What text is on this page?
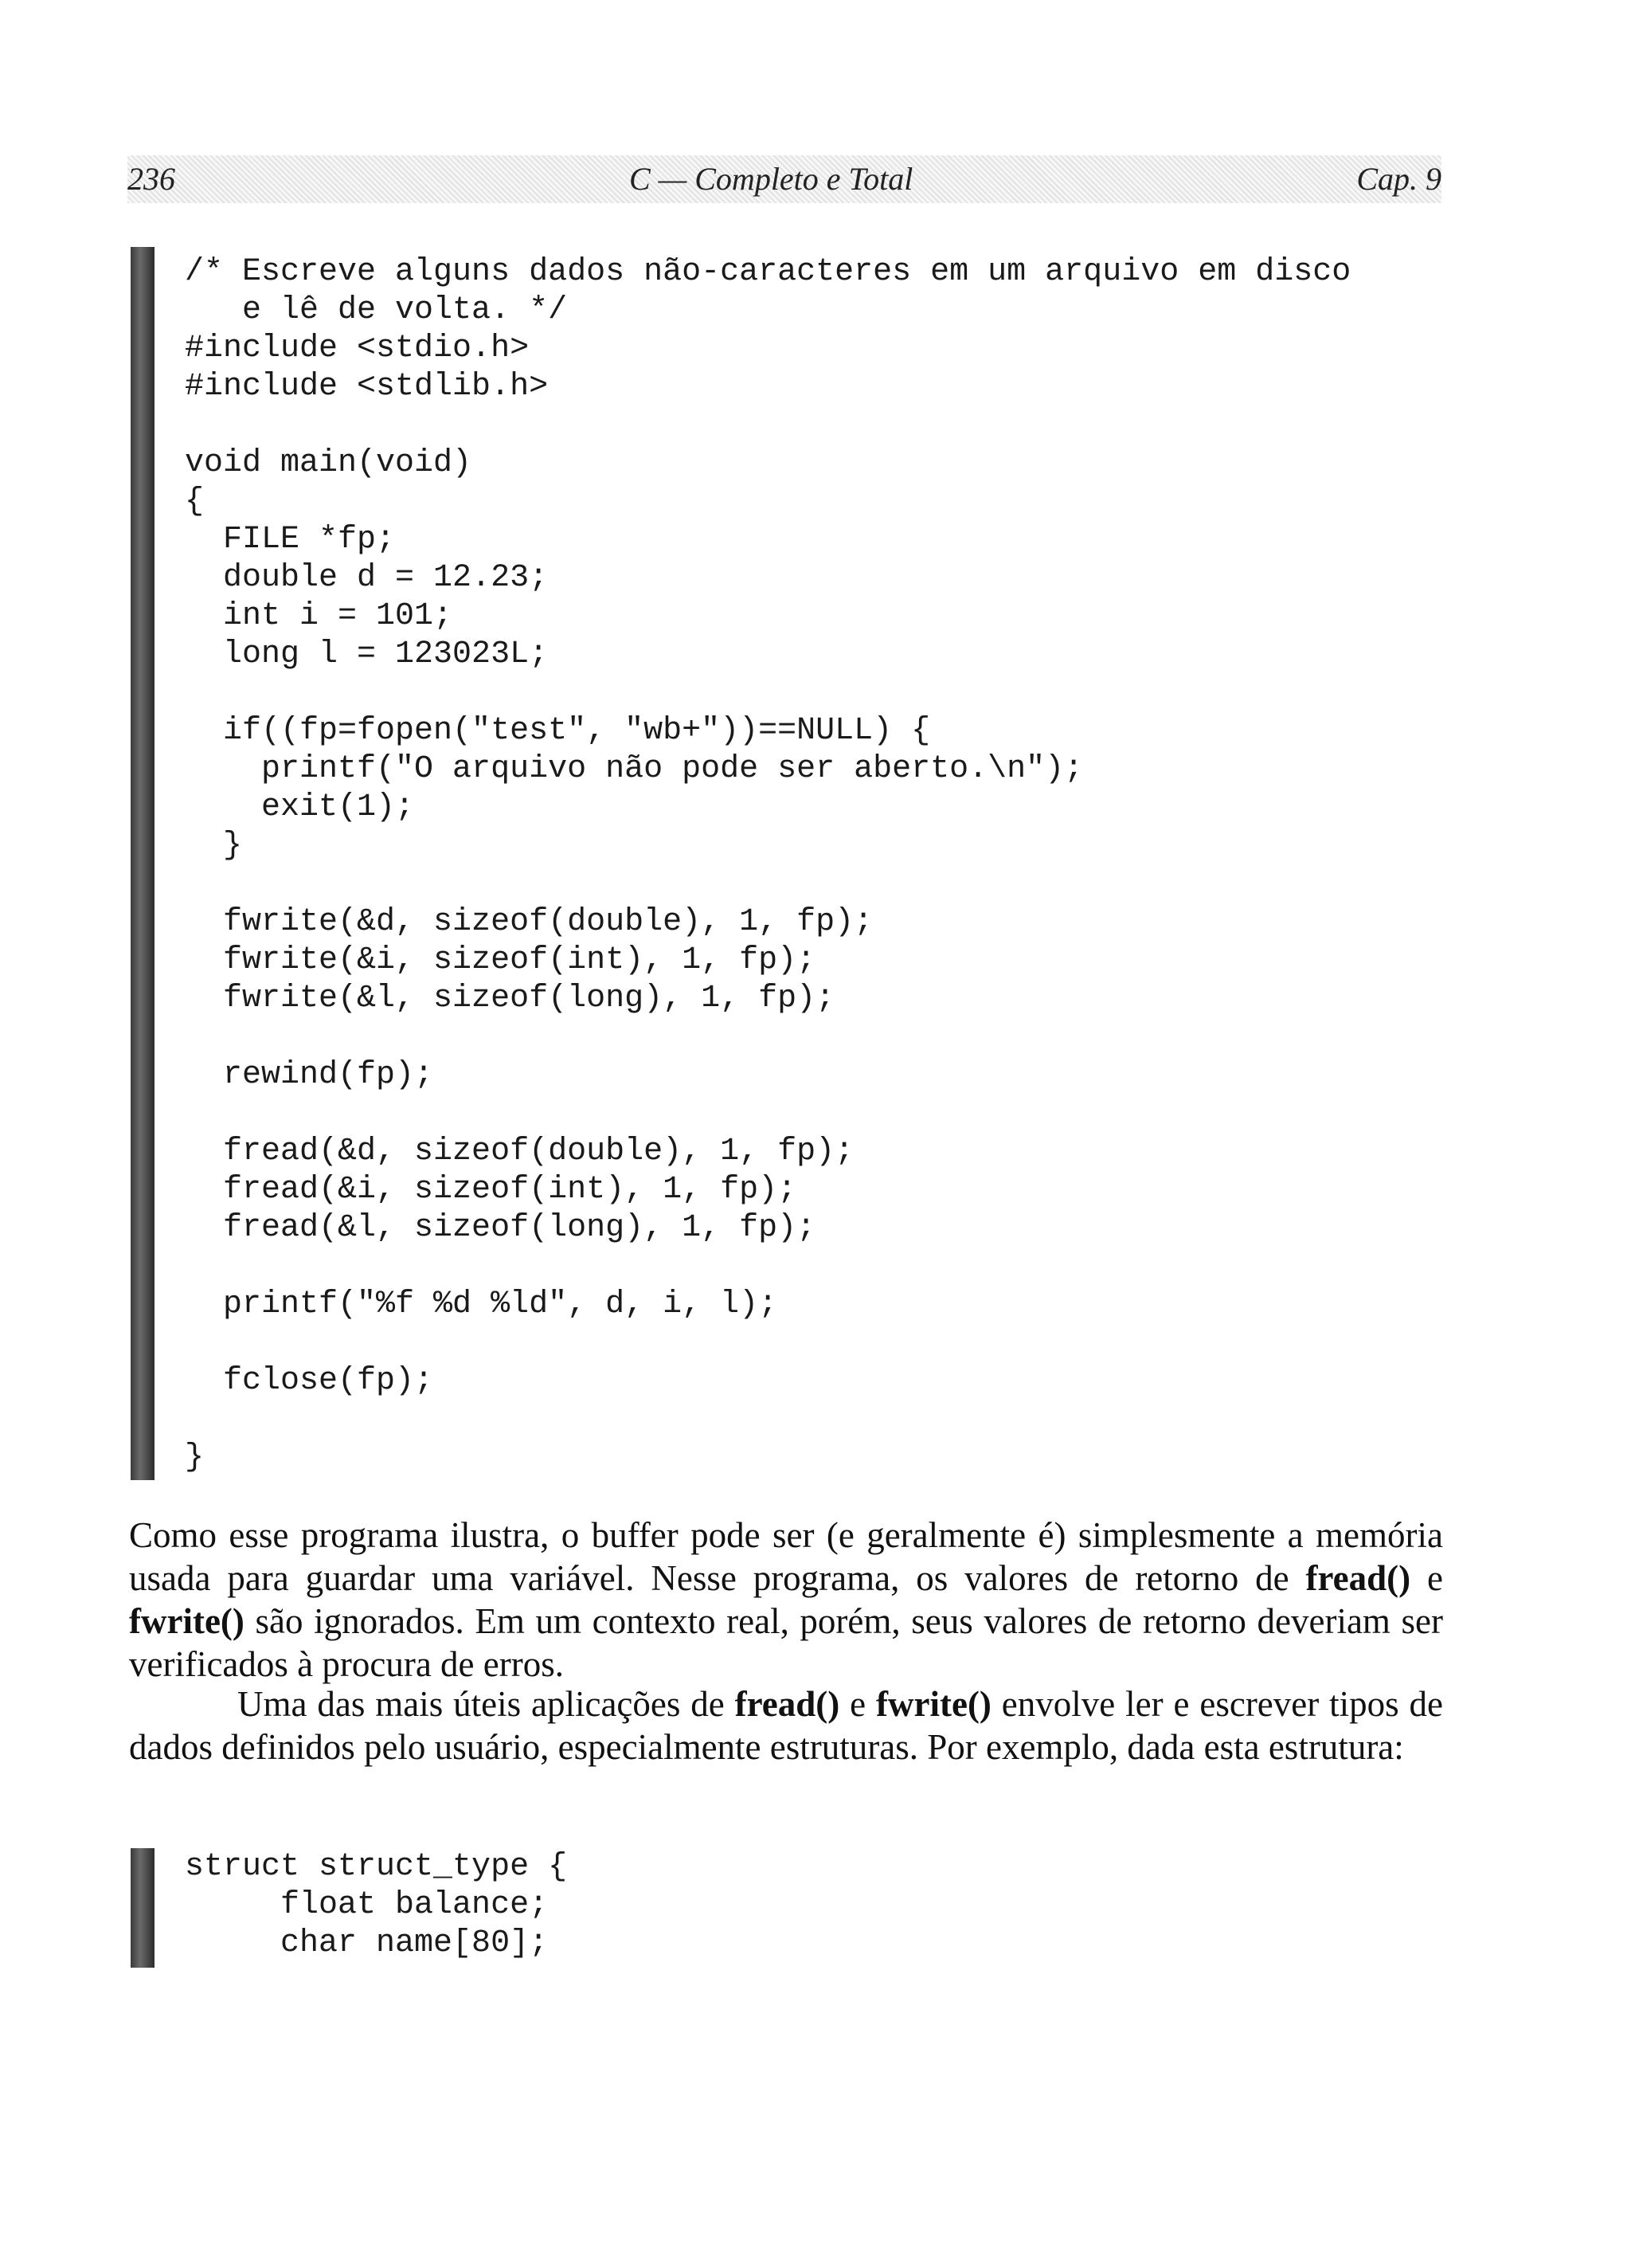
236	C — Completo e Total	Cap. 9
/* Escreve alguns dados não-caracteres em um arquivo em disco
e lê de volta. */
#include <stdio.h>
#include <stdlib.h>

void main(void)
{
FILE *fp;
double d = 12.23;
int i = 101;
long l = 123023L;

if((fp=fopen("test", "wb+"))==NULL) {
printf("O arquivo não pode ser aberto.\n");
exit(1);
}

fwrite(&d, sizeof(double), 1, fp);
fwrite(&i, sizeof(int), 1, fp);
fwrite(&l, sizeof(long), 1, fp);

rewind(fp);

fread(&d, sizeof(double), 1, fp);
fread(&i, sizeof(int), 1, fp);
fread(&l, sizeof(long), 1, fp);

printf("%f %d %ld", d, i, l);

fclose(fp);

}

Como esse programa ilustra, o buffer pode ser (e geralmente é) simplesmente a memória usada para guardar uma variável. Nesse programa, os valores de retorno de fread() e fwrite() são ignorados. Em um contexto real, porém, seus valores de retorno deveriam ser verificados à procura de erros.

Uma das mais úteis aplicações de fread() e fwrite() envolve ler e escrever tipos de dados definidos pelo usuário, especialmente estruturas. Por exemplo, dada esta estrutura:

struct struct_type {
float balance;
char name[80];
